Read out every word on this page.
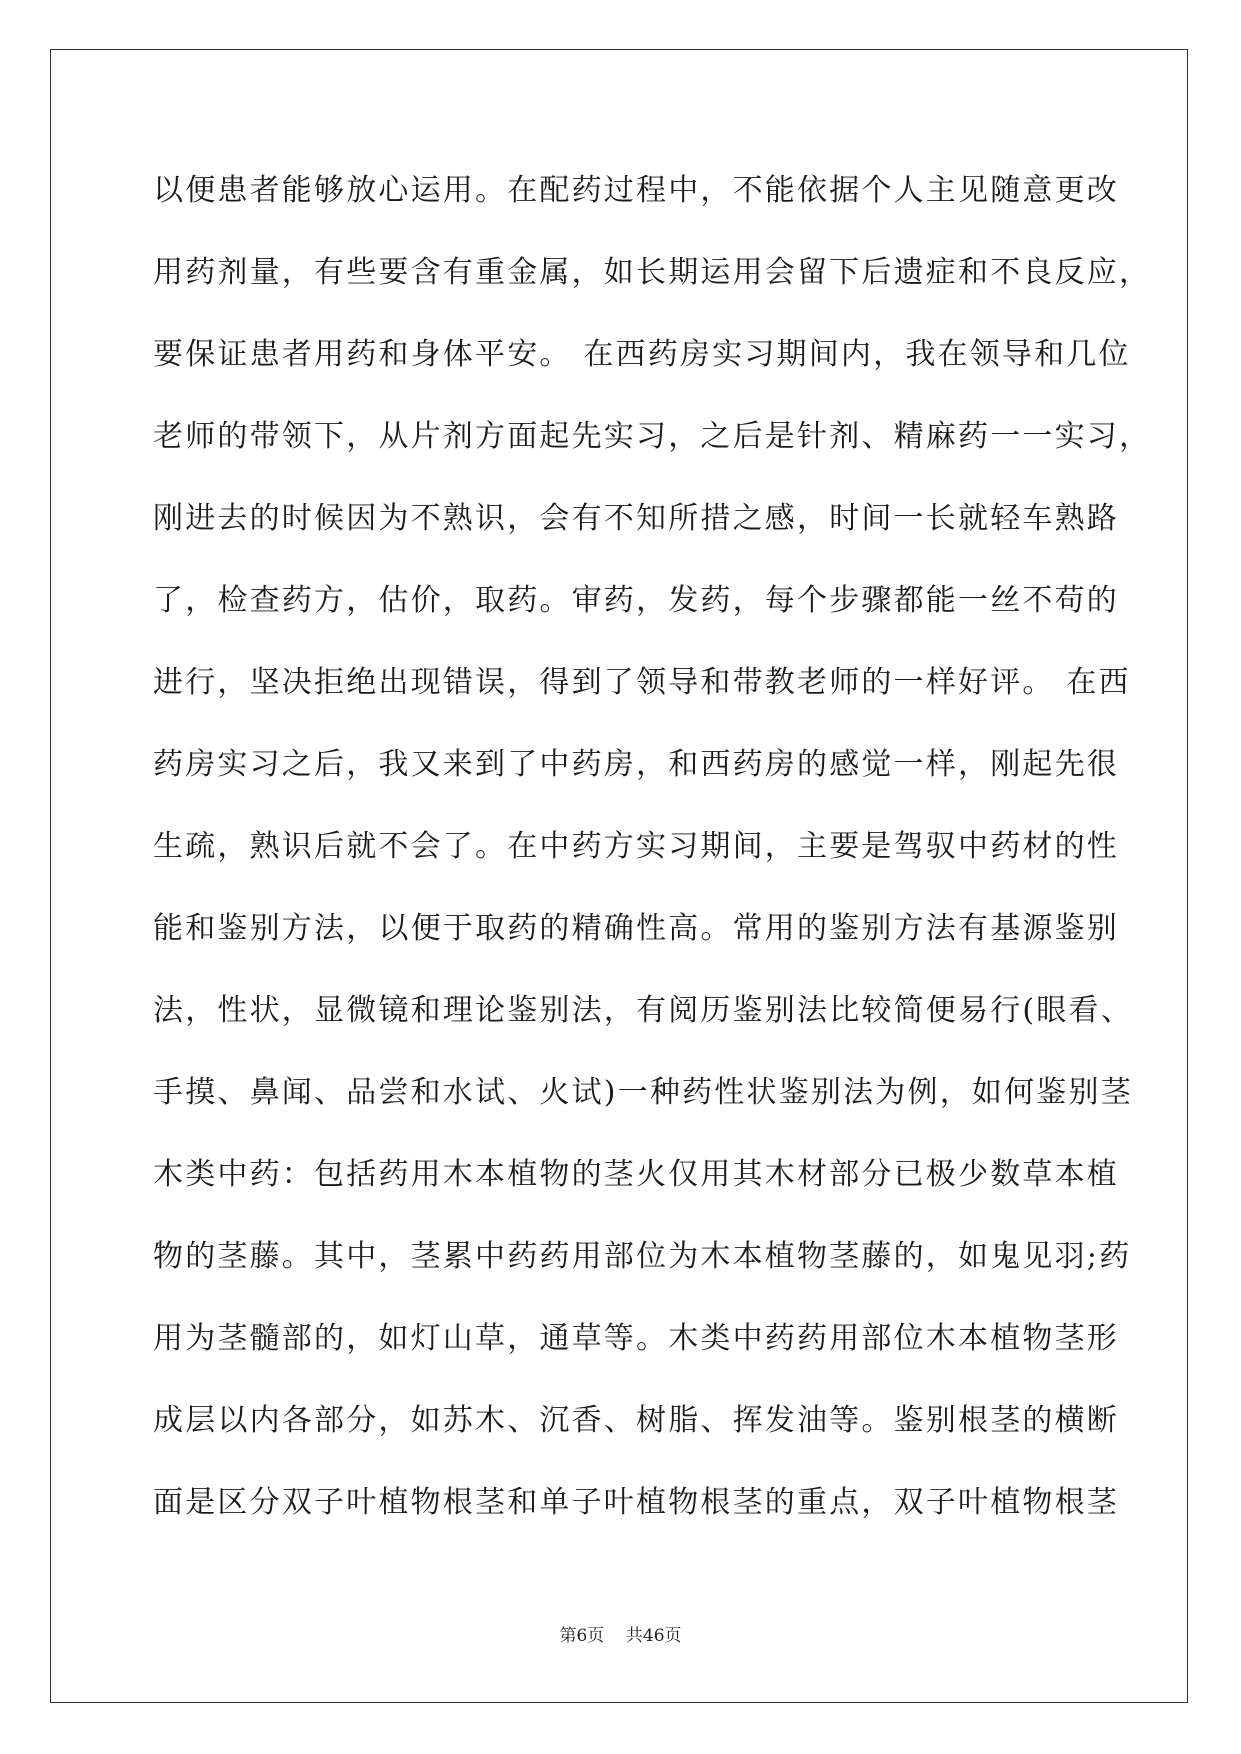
以便患者能够放心运用。在配药过程中，不能依据个人主见随意更改
用药剂量，有些要含有重金属，如长期运用会留下后遗症和不良反应，
要保证患者用药和身体平安。 在西药房实习期间内，我在领导和几位
老师的带领下，从片剂方面起先实习，之后是针剂、精麻药一一实习，
刚进去的时候因为不熟识，会有不知所措之感，时间一长就轻车熟路
了，检查药方，估价，取药。审药，发药，每个步骤都能一丝不苟的
进行，坚决拒绝出现错误，得到了领导和带教老师的一样好评。 在西
药房实习之后，我又来到了中药房，和西药房的感觉一样，刚起先很
生疏，熟识后就不会了。在中药方实习期间，主要是驾驭中药材的性
能和鉴别方法，以便于取药的精确性高。常用的鉴别方法有基源鉴别
法，性状，显微镜和理论鉴别法，有阅历鉴别法比较简便易行(眼看、
手摸、鼻闻、品尝和水试、火试)一种药性状鉴别法为例，如何鉴别茎
木类中药：包括药用木本植物的茎火仅用其木材部分已极少数草本植
物的茎藤。其中，茎累中药药用部位为木本植物茎藤的，如鬼见羽;药
用为茎髓部的，如灯山草，通草等。木类中药药用部位木本植物茎形
成层以内各部分，如苏木、沉香、树脂、挥发油等。鉴别根茎的横断
面是区分双子叶植物根茎和单子叶植物根茎的重点，双子叶植物根茎
第6页    共46页
